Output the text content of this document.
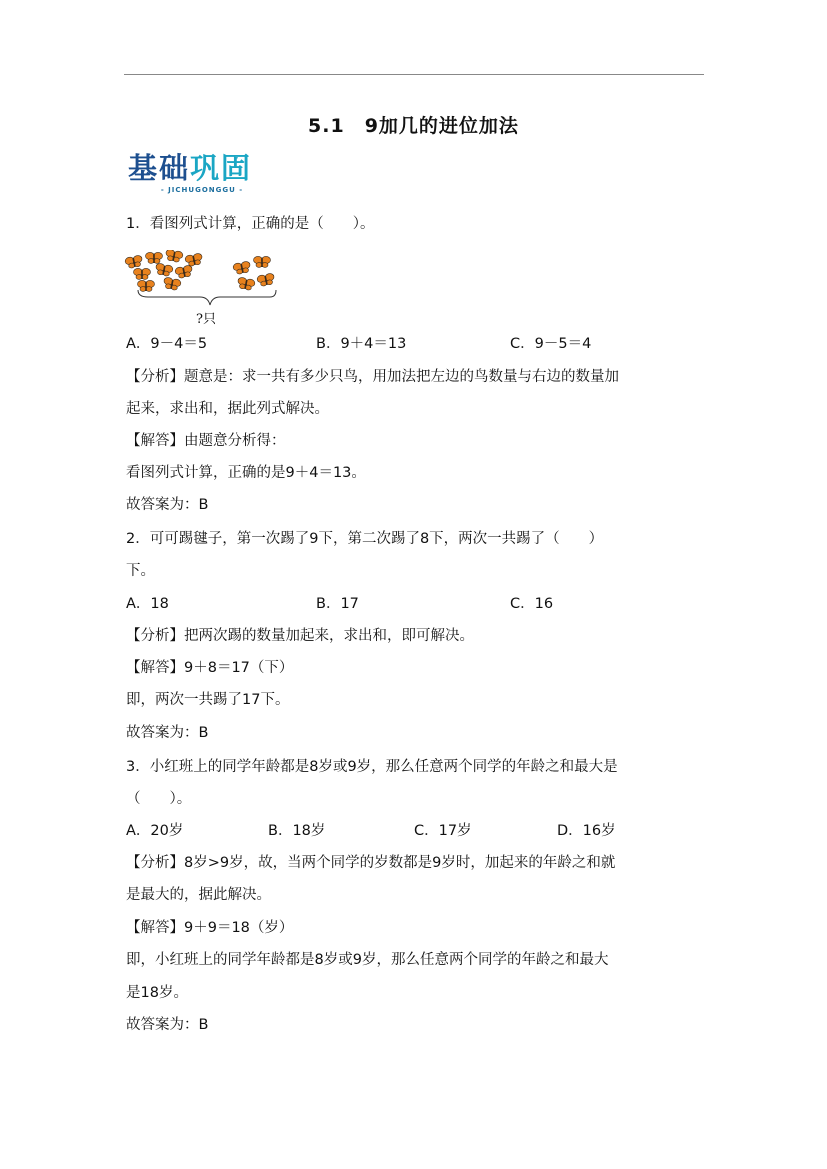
5.1　9加几的进位加法
基础巩固
- JICHUGONGGU -
1．看图列式计算，正确的是（　　）。
?只
A．9－4＝5	B．9＋4＝13	C．9－5＝4
【分析】题意是：求一共有多少只鸟，用加法把左边的鸟数量与右边的数量加
起来，求出和，据此列式解决。
【解答】由题意分析得：
看图列式计算，正确的是9＋4＝13。
故答案为：B
2．可可踢毽子，第一次踢了9下，第二次踢了8下，两次一共踢了（　　）
下。
A．18	B．17	C．16
【分析】把两次踢的数量加起来，求出和，即可解决。
【解答】9＋8＝17（下）
即，两次一共踢了17下。
故答案为：B
3．小红班上的同学年龄都是8岁或9岁，那么任意两个同学的年龄之和最大是
（　　）。
A．20岁	B．18岁	C．17岁	D．16岁
【分析】8岁>9岁，故，当两个同学的岁数都是9岁时，加起来的年龄之和就
是最大的，据此解决。
【解答】9＋9＝18（岁）
即，小红班上的同学年龄都是8岁或9岁，那么任意两个同学的年龄之和最大
是18岁。
故答案为：B
